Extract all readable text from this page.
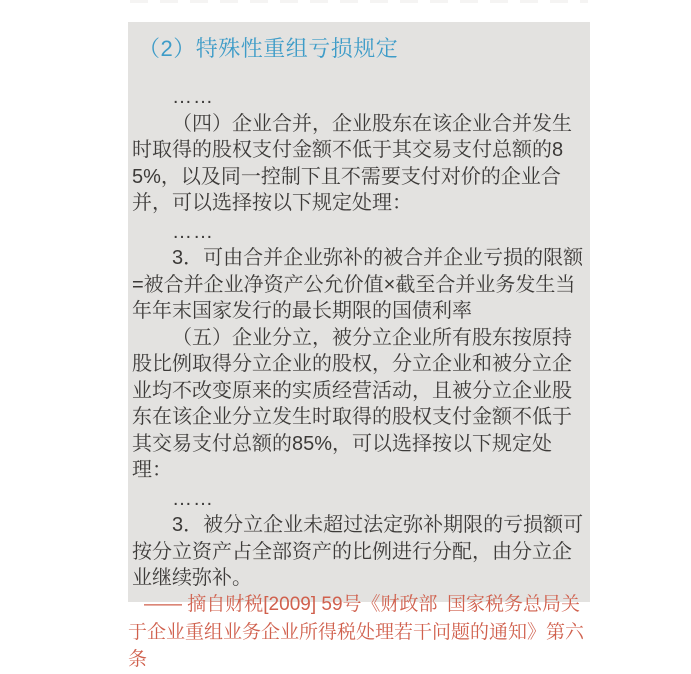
（2）特殊性重组亏损规定

……

（四）企业合并，企业股东在该企业合并发生时取得的股权支付金额不低于其交易支付总额的85%，以及同一控制下且不需要支付对价的企业合并，可以选择按以下规定处理：

……

3．可由合并企业弥补的被合并企业亏损的限额=被合并企业净资产公允价值×截至合并业务发生当年年末国家发行的最长期限的国债利率

（五）企业分立，被分立企业所有股东按原持股比例取得分立企业的股权，分立企业和被分立企业均不改变原来的实质经营活动，且被分立企业股东在该企业分立发生时取得的股权支付金额不低于其交易支付总额的85%，可以选择按以下规定处理：

……

3．被分立企业未超过法定弥补期限的亏损额可按分立资产占全部资产的比例进行分配，由分立企业继续弥补。

—— 摘自财税[2009] 59号《财政部 国家税务总局关于企业重组业务企业所得税处理若干问题的通知》第六条
